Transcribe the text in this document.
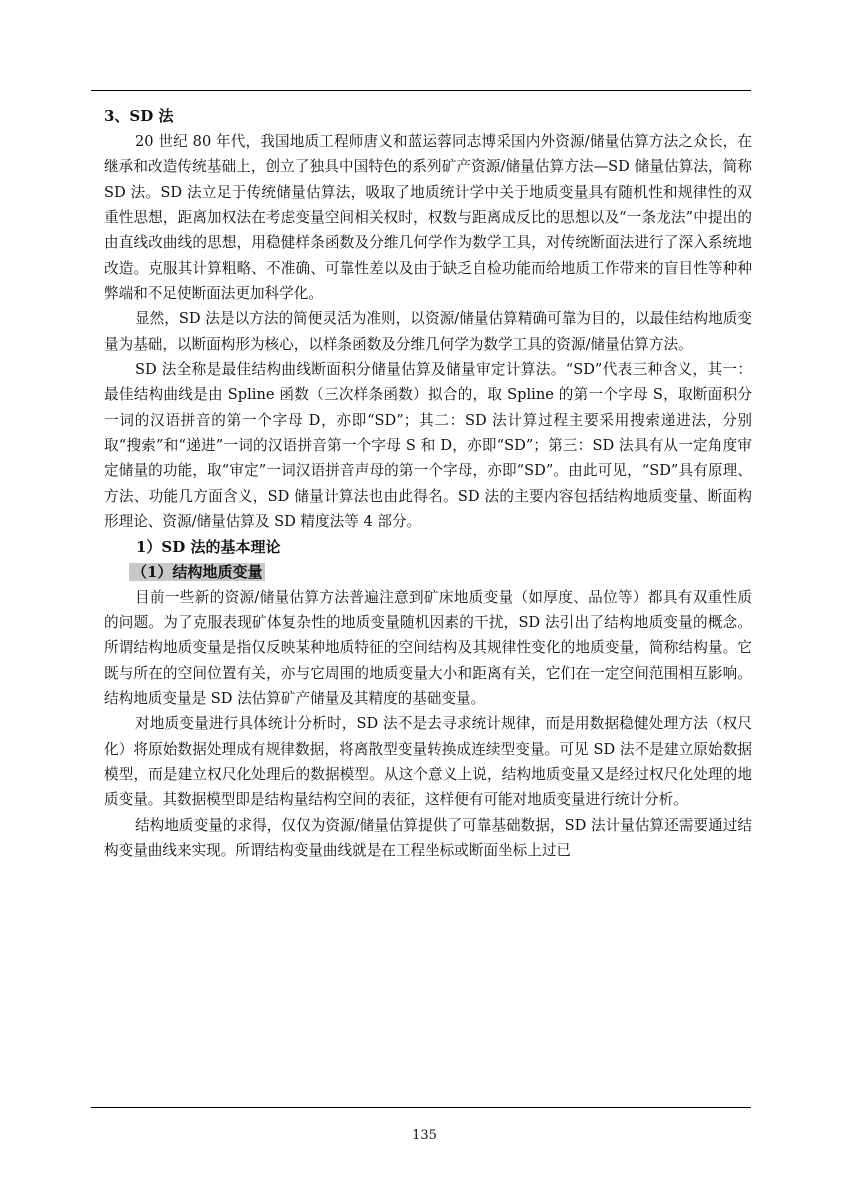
3、SD 法

20 世纪 80 年代，我国地质工程师唐义和蓝运蓉同志博采国内外资源/储量估算方法之众长，在继承和改造传统基础上，创立了独具中国特色的系列矿产资源/储量估算方法—SD 储量估算法，简称 SD 法。SD 法立足于传统储量估算法，吸取了地质统计学中关于地质变量具有随机性和规律性的双重性思想，距离加权法在考虑变量空间相关权时，权数与距离成反比的思想以及“一条龙法”中提出的由直线改曲线的思想，用稳健样条函数及分维几何学作为数学工具，对传统断面法进行了深入系统地改造。克服其计算粗略、不准确、可靠性差以及由于缺乏自检功能而给地质工作带来的盲目性等种种弊端和不足使断面法更加科学化。

显然，SD 法是以方法的简便灵活为准则，以资源/储量估算精确可靠为目的，以最佳结构地质变量为基础，以断面构形为核心，以样条函数及分维几何学为数学工具的资源/储量估算方法。

SD 法全称是最佳结构曲线断面积分储量估算及储量审定计算法。“SD”代表三种含义，其一：最佳结构曲线是由 Spline 函数（三次样条函数）拟合的，取 Spline 的第一个字母 S，取断面积分一词的汉语拼音的第一个字母 D，亦即“SD”；其二：SD 法计算过程主要采用搜索递进法，分别取“搜索”和“递进”一词的汉语拼音第一个字母 S 和 D，亦即“SD”；第三：SD 法具有从一定角度审定储量的功能，取“审定”一词汉语拼音声母的第一个字母，亦即“SD”。由此可见，“SD”具有原理、方法、功能几方面含义，SD 储量计算法也由此得名。SD 法的主要内容包括结构地质变量、断面构形理论、资源/储量估算及 SD 精度法等 4 部分。

1）SD 法的基本理论
（1）结构地质变量

目前一些新的资源/储量估算方法普遍注意到矿床地质变量（如厚度、品位等）都具有双重性质的问题。为了克服表现矿体复杂性的地质变量随机因素的干扰，SD 法引出了结构地质变量的概念。所谓结构地质变量是指仅反映某种地质特征的空间结构及其规律性变化的地质变量，简称结构量。它既与所在的空间位置有关，亦与它周围的地质变量大小和距离有关，它们在一定空间范围相互影响。结构地质变量是 SD 法估算矿产储量及其精度的基础变量。

对地质变量进行具体统计分析时，SD 法不是去寻求统计规律，而是用数据稳健处理方法（权尺化）将原始数据处理成有规律数据，将离散型变量转换成连续型变量。可见 SD 法不是建立原始数据模型，而是建立权尺化处理后的数据模型。从这个意义上说，结构地质变量又是经过权尺化处理的地质变量。其数据模型即是结构量结构空间的表征，这样便有可能对地质变量进行统计分析。

结构地质变量的求得，仅仅为资源/储量估算提供了可靠基础数据，SD 法计量估算还需要通过结构变量曲线来实现。所谓结构变量曲线就是在工程坐标或断面坐标上过已

135
